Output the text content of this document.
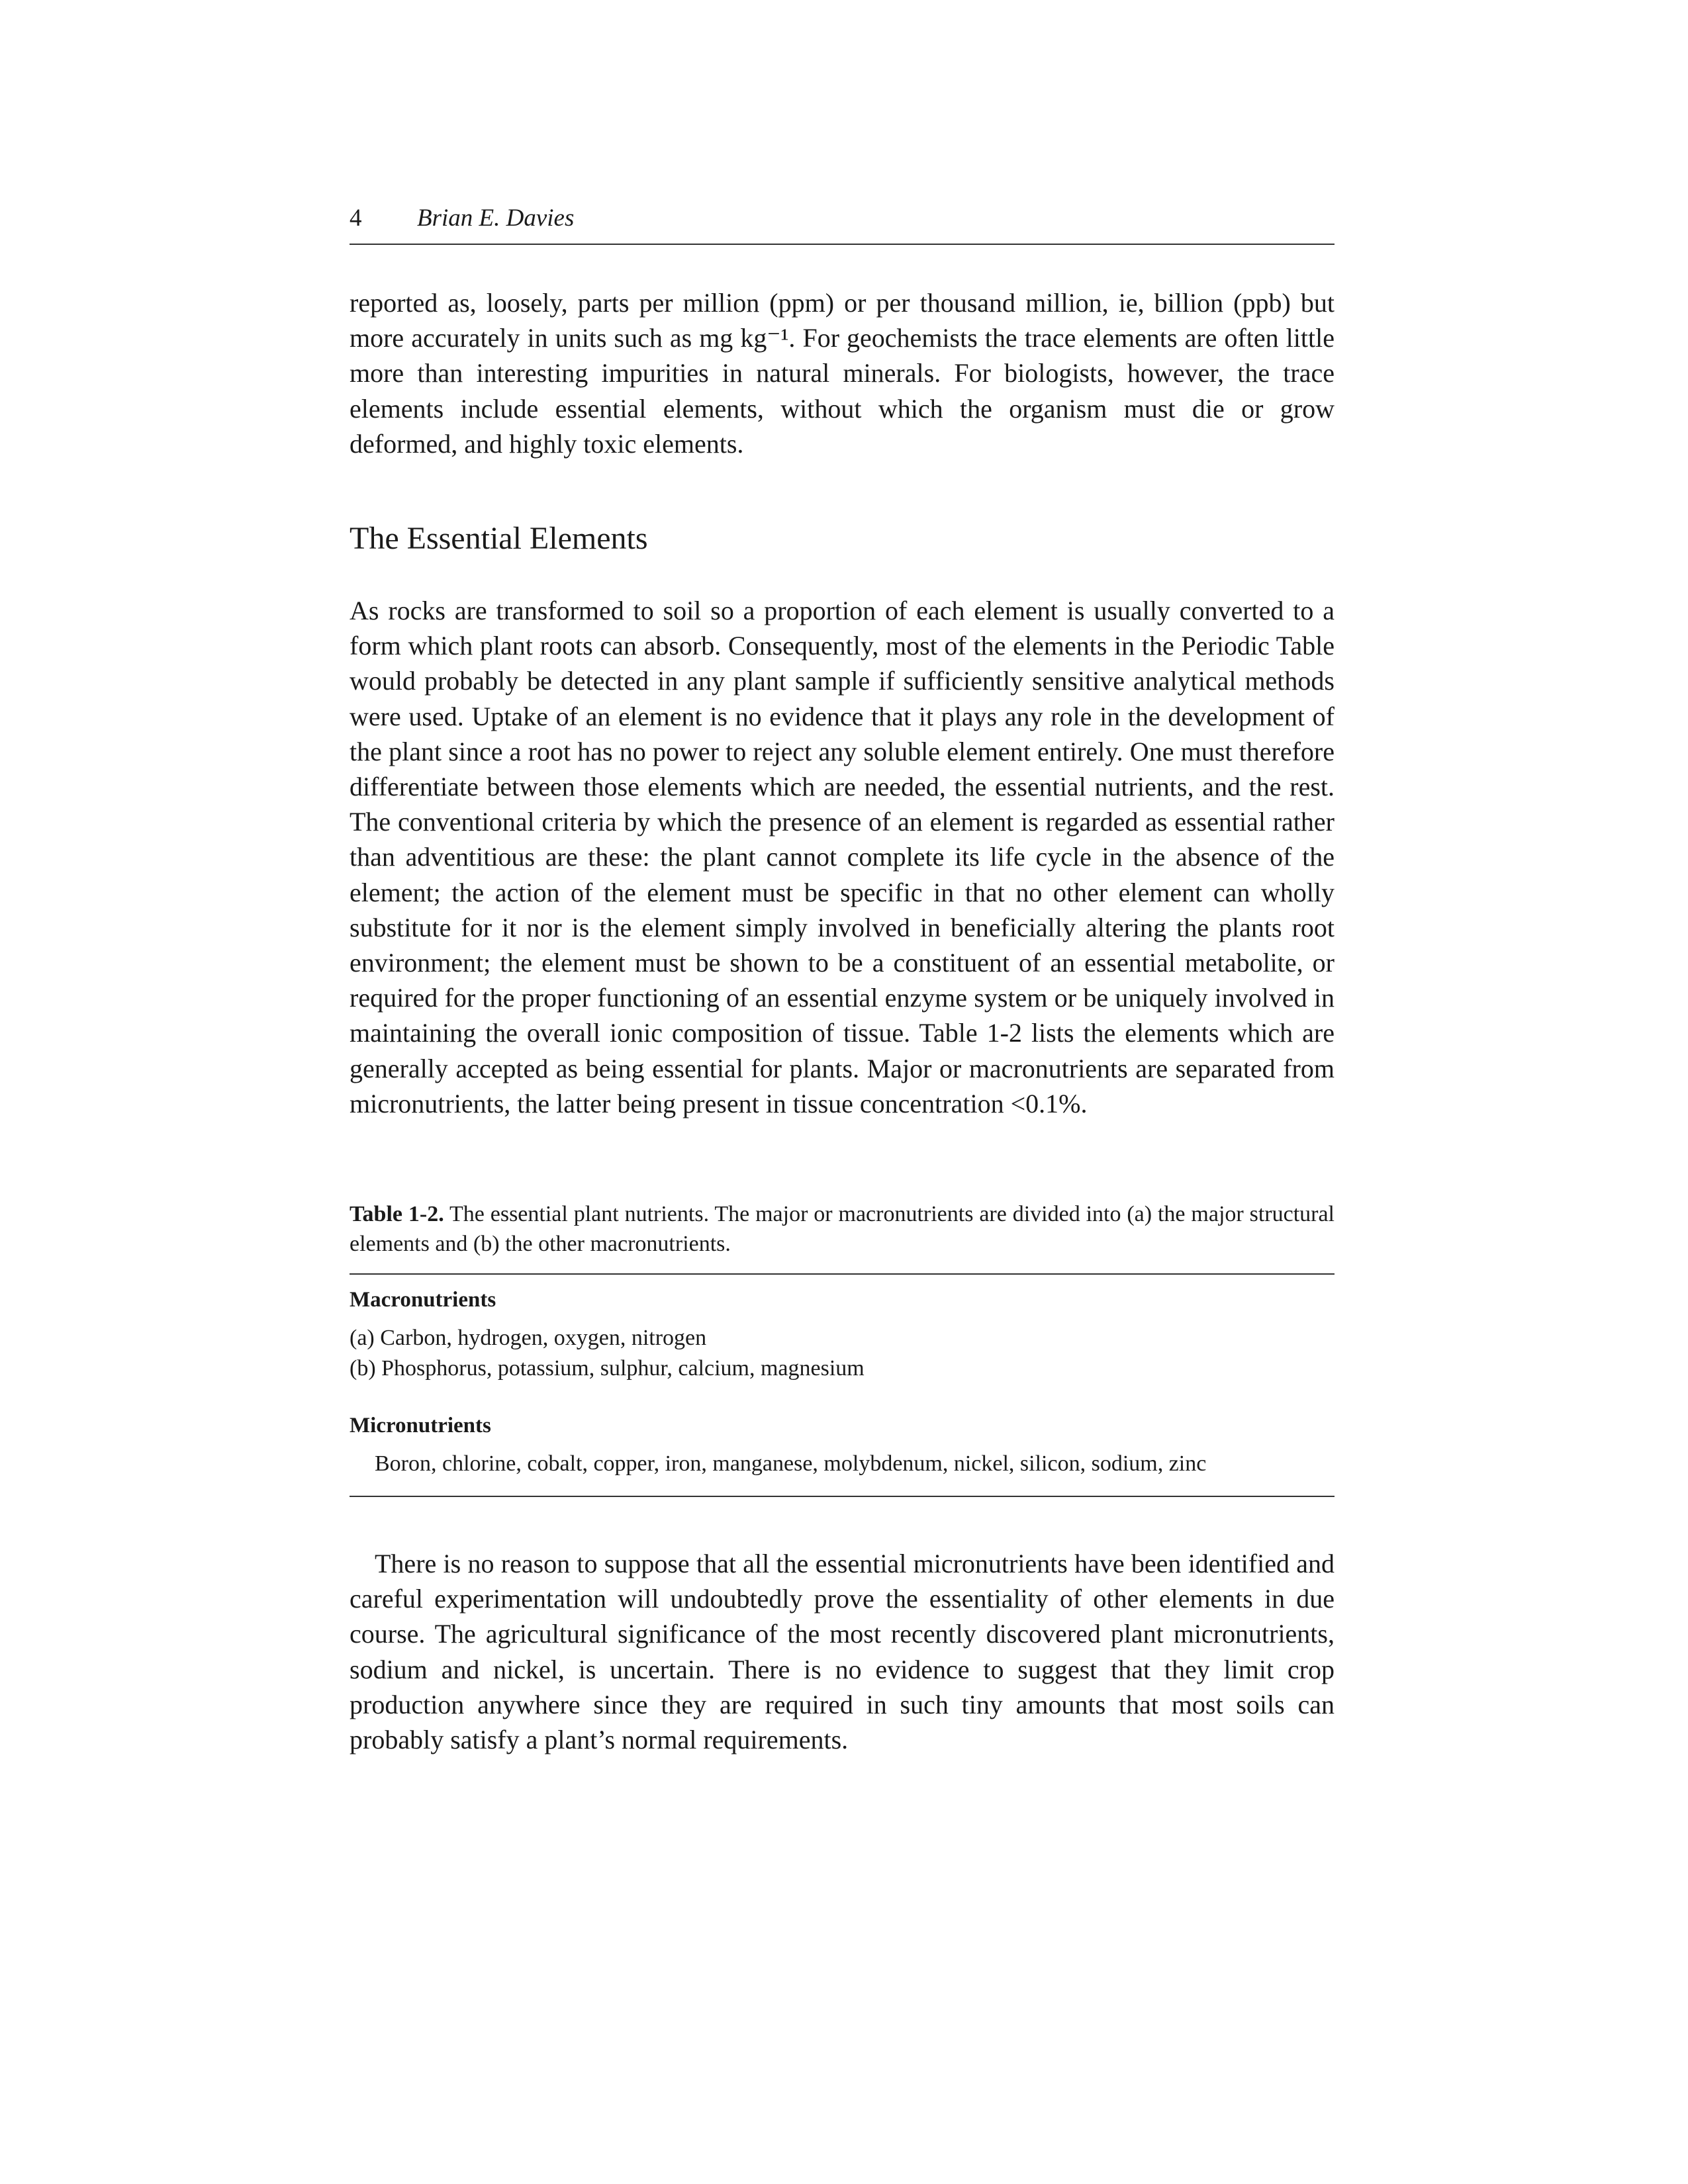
4 Brian E. Davies

reported as, loosely, parts per million (ppm) or per thousand million, ie, billion (ppb) but more accurately in units such as mg kg⁻¹. For geochemists the trace elements are often little more than interesting impurities in natural minerals. For biologists, however, the trace elements include essential elements, without which the organism must die or grow deformed, and highly toxic elements.

The Essential Elements

As rocks are transformed to soil so a proportion of each element is usually converted to a form which plant roots can absorb. Consequently, most of the elements in the Periodic Table would probably be detected in any plant sample if sufficiently sensitive analytical methods were used. Uptake of an element is no evidence that it plays any role in the development of the plant since a root has no power to reject any soluble element entirely. One must therefore differentiate between those elements which are needed, the essential nutrients, and the rest. The conventional criteria by which the presence of an element is regarded as essential rather than adventitious are these: the plant cannot complete its life cycle in the absence of the element; the action of the element must be specific in that no other element can wholly substitute for it nor is the element simply involved in beneficially altering the plants root environment; the element must be shown to be a constituent of an essential metabolite, or required for the proper functioning of an essential enzyme system or be uniquely involved in maintaining the overall ionic composition of tissue. Table 1-2 lists the elements which are generally accepted as being essential for plants. Major or macronutrients are separated from micronutrients, the latter being present in tissue concentration <0.1%.

Table 1-2. The essential plant nutrients. The major or macronutrients are divided into (a) the major structural elements and (b) the other macronutrients.

Macronutrients
(a) Carbon, hydrogen, oxygen, nitrogen
(b) Phosphorus, potassium, sulphur, calcium, magnesium
Micronutrients
Boron, chlorine, cobalt, copper, iron, manganese, molybdenum, nickel, silicon, sodium, zinc

There is no reason to suppose that all the essential micronutrients have been identified and careful experimentation will undoubtedly prove the essentiality of other elements in due course. The agricultural significance of the most recently discovered plant micronutrients, sodium and nickel, is uncertain. There is no evidence to suggest that they limit crop production anywhere since they are required in such tiny amounts that most soils can probably satisfy a plant’s normal requirements.
